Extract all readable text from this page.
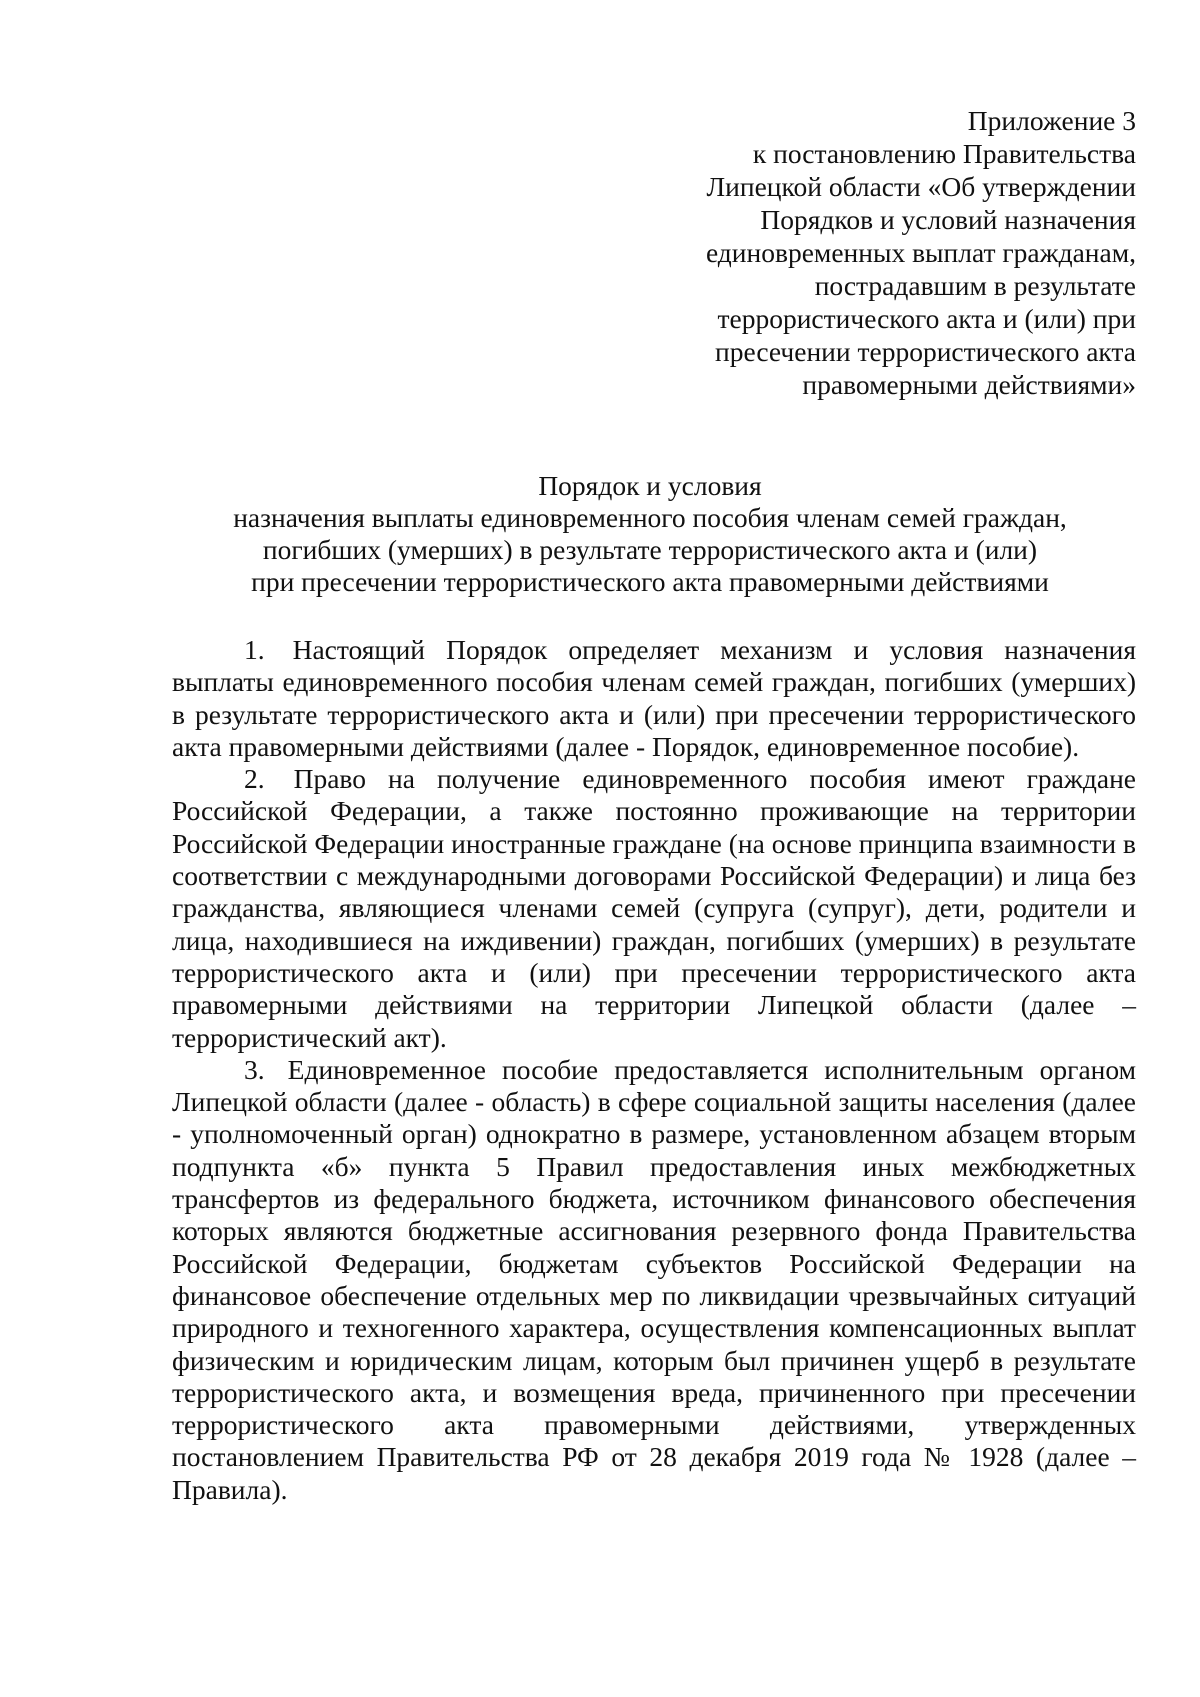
Приложение 3
к постановлению Правительства
Липецкой области «Об утверждении
Порядков и условий назначения
единовременных выплат гражданам,
пострадавшим в результате
террористического акта и (или) при
пресечении террористического акта
правомерными действиями»
Порядок и условия
назначения выплаты единовременного пособия членам семей граждан,
погибших (умерших) в результате террористического акта и (или)
при пресечении террористического акта правомерными действиями

1. Настоящий Порядок определяет механизм и условия назначения выплаты единовременного пособия членам семей граждан, погибших (умерших) в результате террористического акта и (или) при пресечении террористического акта правомерными действиями (далее - Порядок, единовременное пособие).

2. Право на получение единовременного пособия имеют граждане Российской Федерации, а также постоянно проживающие на территории Российской Федерации иностранные граждане (на основе принципа взаимности в соответствии с международными договорами Российской Федерации) и лица без гражданства, являющиеся членами семей (супруга (супруг), дети, родители и лица, находившиеся на иждивении) граждан, погибших (умерших) в результате террористического акта и (или) при пресечении террористического акта правомерными действиями на территории Липецкой области (далее – террористический акт).

3. Единовременное пособие предоставляется исполнительным органом Липецкой области (далее - область) в сфере социальной защиты населения (далее - уполномоченный орган) однократно в размере, установленном абзацем вторым подпункта «б» пункта 5 Правил предоставления иных межбюджетных трансфертов из федерального бюджета, источником финансового обеспечения которых являются бюджетные ассигнования резервного фонда Правительства Российской Федерации, бюджетам субъектов Российской Федерации на финансовое обеспечение отдельных мер по ликвидации чрезвычайных ситуаций природного и техногенного характера, осуществления компенсационных выплат физическим и юридическим лицам, которым был причинен ущерб в результате террористического акта, и возмещения вреда, причиненного при пресечении террористического акта правомерными действиями, утвержденных постановлением Правительства РФ от 28 декабря 2019 года № 1928 (далее – Правила).
